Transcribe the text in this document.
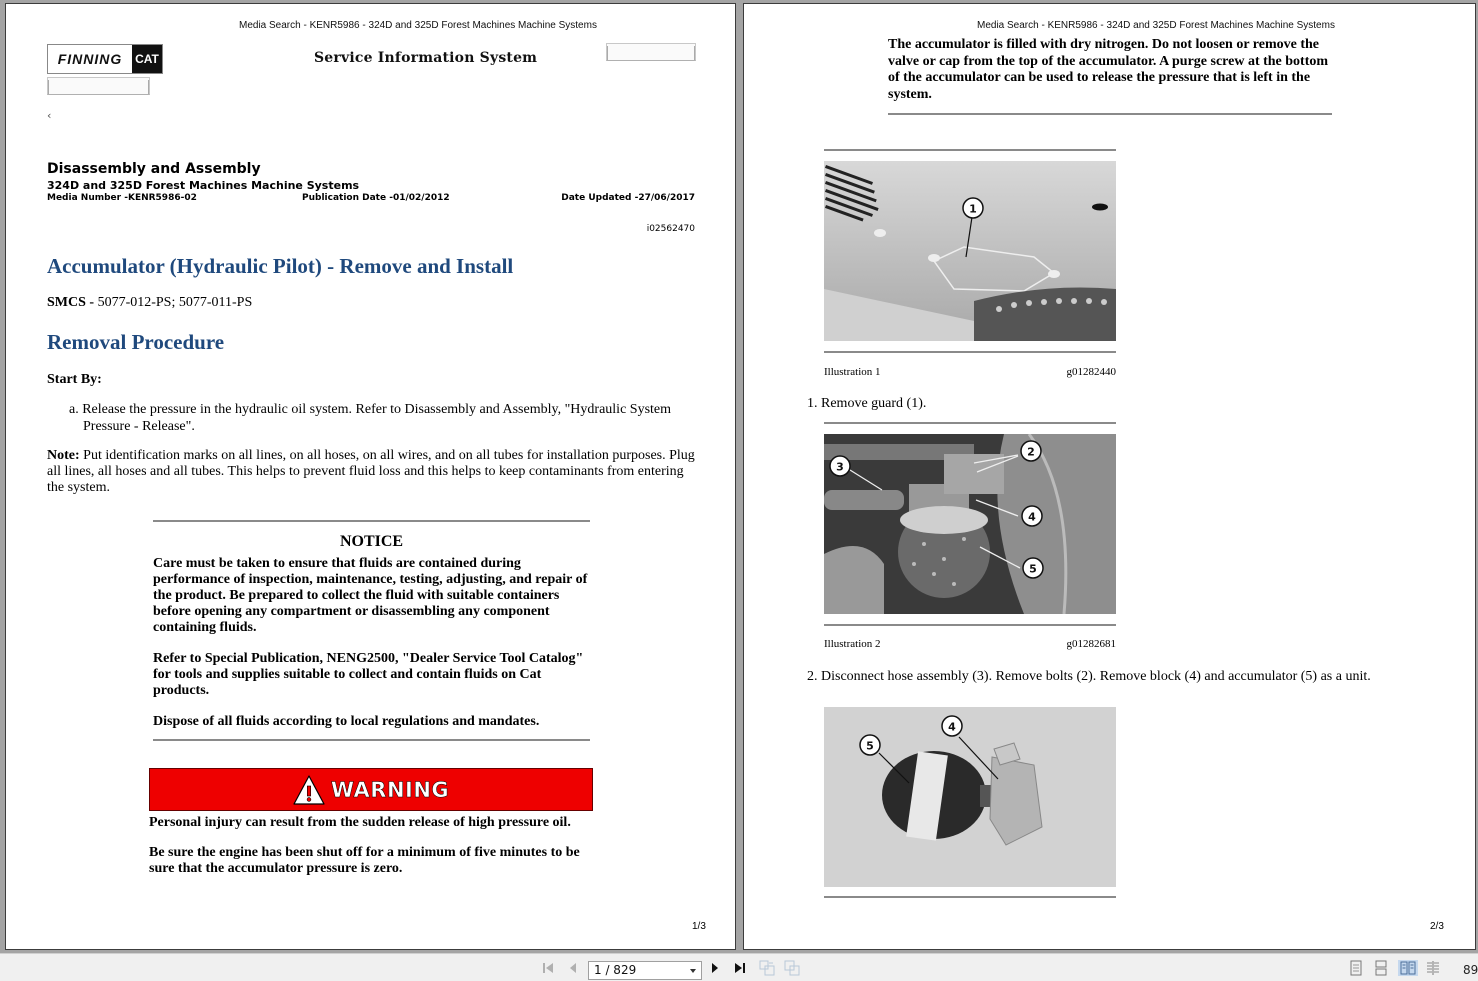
Media Search - KENR5986 - 324D and 325D Forest Machines Machine Systems
FINNING	CAT	Service Information System
‹
Disassembly and Assembly
324D and 325D Forest Machines Machine Systems
Media Number -KENR5986-02	Publication Date -01/02/2012	Date Updated -27/06/2017
i02562470
Accumulator (Hydraulic Pilot) - Remove and Install
SMCS - 5077-012-PS; 5077-011-PS
Removal Procedure
Start By:
a. Release the pressure in the hydraulic oil system. Refer to Disassembly and Assembly, "Hydraulic System Pressure - Release".
Note: Put identification marks on all lines, on all hoses, on all wires, and on all tubes for installation purposes. Plug all lines, all hoses and all tubes. This helps to prevent fluid loss and this helps to keep contaminants from entering the system.
NOTICE
Care must be taken to ensure that fluids are contained during performance of inspection, maintenance, testing, adjusting, and repair of the product. Be prepared to collect the fluid with suitable containers before opening any compartment or disassembling any component containing fluids.
Refer to Special Publication, NENG2500, "Dealer Service Tool Catalog" for tools and supplies suitable to collect and contain fluids on Cat products.
Dispose of all fluids according to local regulations and mandates.
WARNING
Personal injury can result from the sudden release of high pressure oil.
Be sure the engine has been shut off for a minimum of five minutes to be sure that the accumulator pressure is zero.
1/3
Media Search - KENR5986 - 324D and 325D Forest Machines Machine Systems
The accumulator is filled with dry nitrogen. Do not loosen or remove the valve or cap from the top of the accumulator. A purge screw at the bottom of the accumulator can be used to release the pressure that is left in the system.
1
Illustration 1	g01282440
1. Remove guard (1).
2
3
4
5
Illustration 2	g01282681
2. Disconnect hose assembly (3). Remove bolts (2). Remove block (4) and accumulator (5) as a unit.
5
4
2/3
1 / 829	89
